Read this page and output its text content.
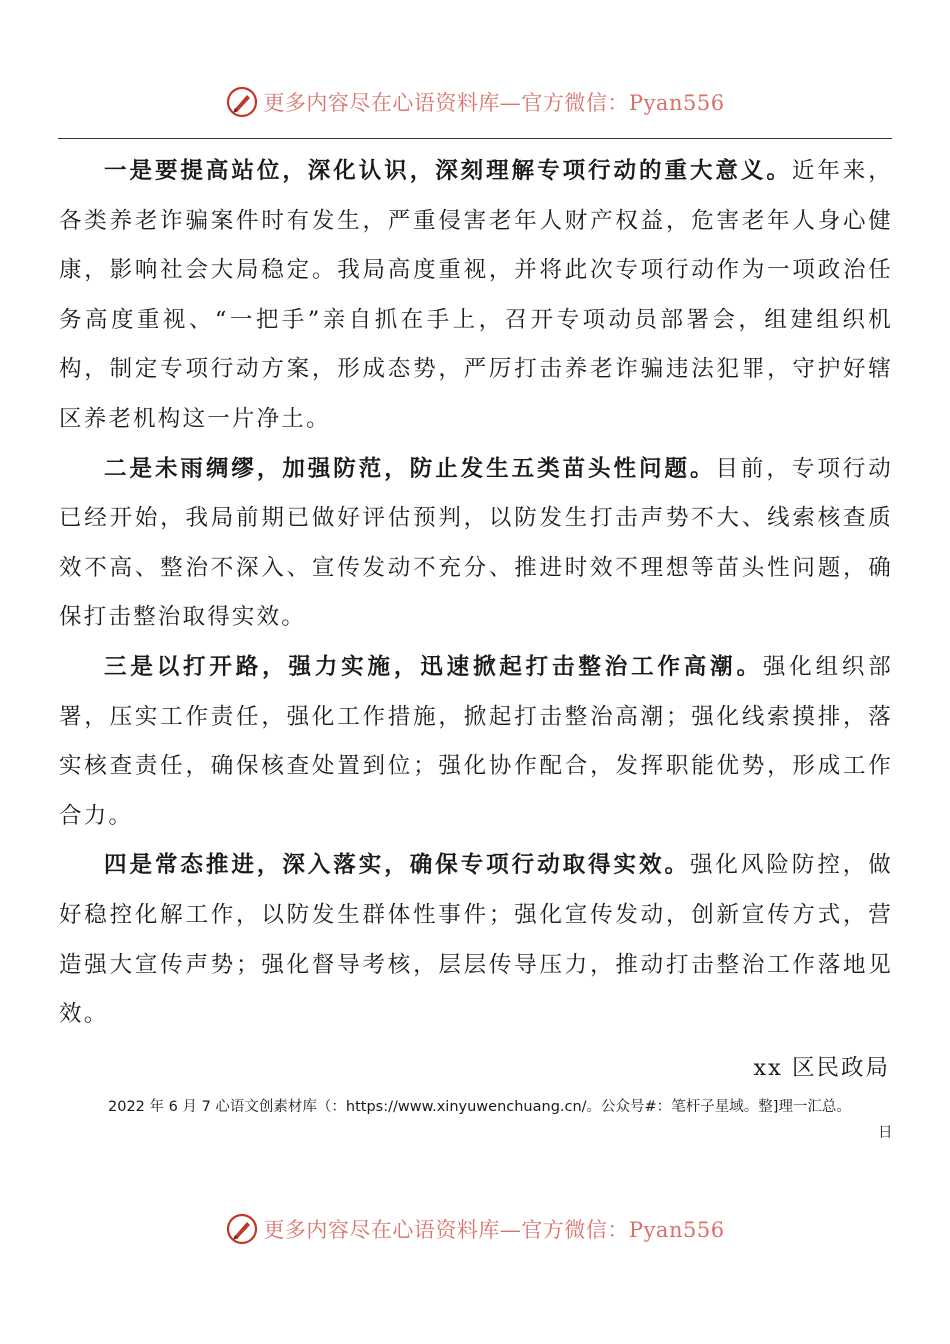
更多内容尽在心语资料库—官方微信：Pyan556

一是要提高站位，深化认识，深刻理解专项行动的重大意义。近年来，各类养老诈骗案件时有发生，严重侵害老年人财产权益，危害老年人身心健康，影响社会大局稳定。我局高度重视，并将此次专项行动作为一项政治任务高度重视、“一把手”亲自抓在手上，召开专项动员部署会，组建组织机构，制定专项行动方案，形成态势，严厉打击养老诈骗违法犯罪，守护好辖区养老机构这一片净土。

二是未雨绸缪，加强防范，防止发生五类苗头性问题。目前，专项行动已经开始，我局前期已做好评估预判，以防发生打击声势不大、线索核查质效不高、整治不深入、宣传发动不充分、推进时效不理想等苗头性问题，确保打击整治取得实效。

三是以打开路，强力实施，迅速掀起打击整治工作高潮。强化组织部署，压实工作责任，强化工作措施，掀起打击整治高潮；强化线索摸排，落实核查责任，确保核查处置到位；强化协作配合，发挥职能优势，形成工作合力。

四是常态推进，深入落实，确保专项行动取得实效。强化风险防控，做好稳控化解工作，以防发生群体性事件；强化宣传发动，创新宣传方式，营造强大宣传声势；强化督导考核，层层传导压力，推动打击整治工作落地见效。

xx 区民政局
2022 年 6 月 7 心语文创素材库（：https://www.xinyuwenchuang.cn/。公众号#：笔杆子星域。整]理一汇总。
日
更多内容尽在心语资料库—官方微信：Pyan556
